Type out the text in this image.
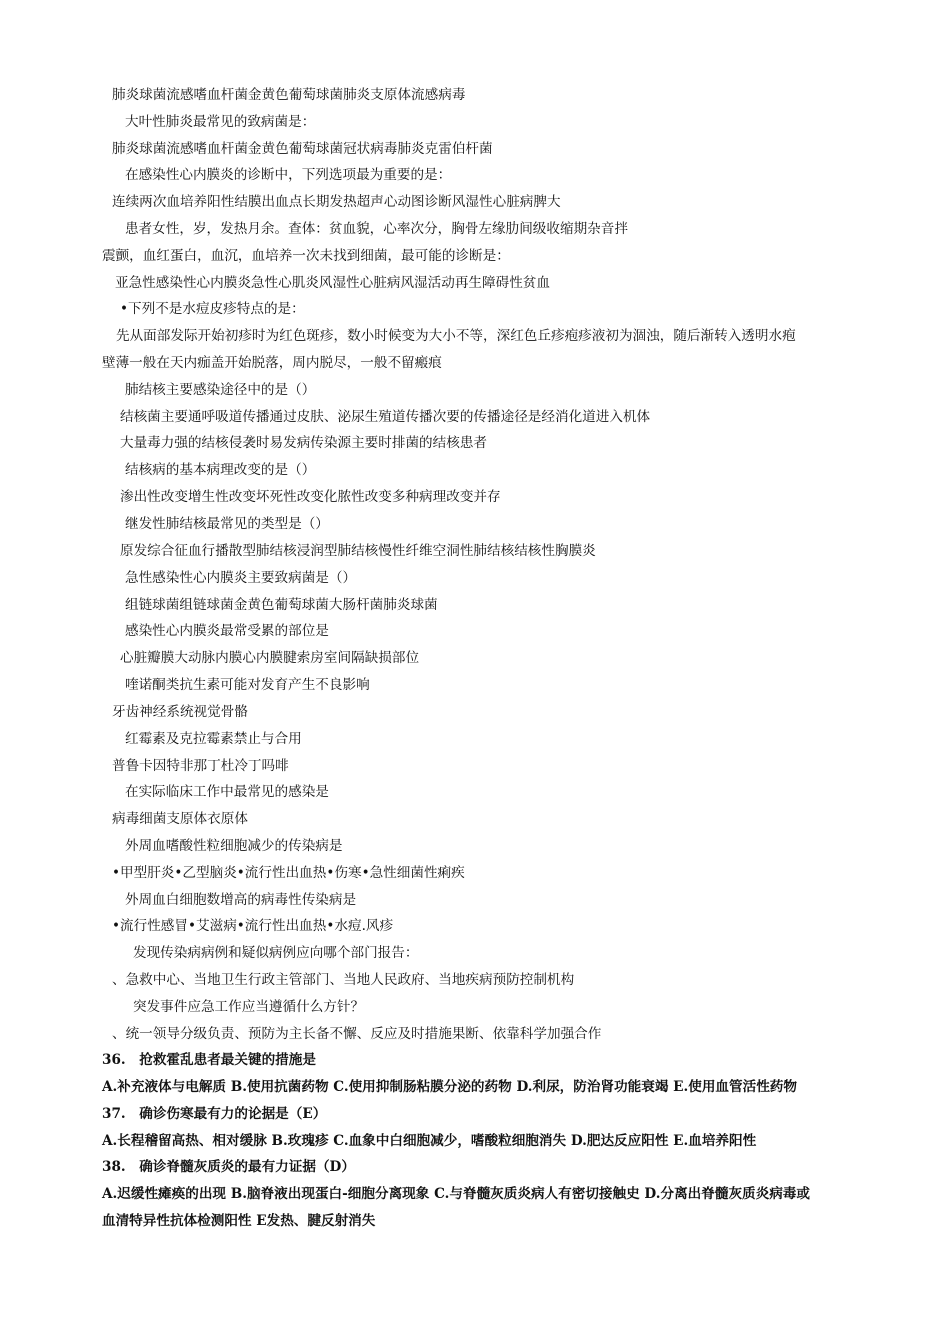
肺炎球菌流感嗜血杆菌金黄色葡萄球菌肺炎支原体流感病毒
大叶性肺炎最常见的致病菌是：
肺炎球菌流感嗜血杆菌金黄色葡萄球菌冠状病毒肺炎克雷伯杆菌
在感染性心内膜炎的诊断中，下列选项最为重要的是：
连续两次血培养阳性结膜出血点长期发热超声心动图诊断风湿性心脏病脾大
患者女性，岁，发热月余。查体：贫血貌，心率次分，胸骨左缘肋间级收缩期杂音拌
震颤，血红蛋白，血沉，血培养一次未找到细菌，最可能的诊断是：
亚急性感染性心内膜炎急性心肌炎风湿性心脏病风湿活动再生障碍性贫血
•下列不是水痘皮疹特点的是：
先从面部发际开始初疹时为红色斑疹，数小时候变为大小不等，深红色丘疹疱疹液初为涸浊，随后渐转入透明水疱
壁薄一般在天内痂盖开始脱落，周内脱尽，一般不留瘢痕
肺结核主要感染途径中的是（）
结核菌主要通呼吸道传播通过皮肤、泌尿生殖道传播次要的传播途径是经消化道进入机体
大量毒力强的结核侵袭时易发病传染源主要时排菌的结核患者
结核病的基本病理改变的是（）
渗出性改变增生性改变坏死性改变化脓性改变多种病理改变并存
继发性肺结核最常见的类型是（）
原发综合征血行播散型肺结核浸润型肺结核慢性纤维空洞性肺结核结核性胸膜炎
急性感染性心内膜炎主要致病菌是（）
组链球菌组链球菌金黄色葡萄球菌大肠杆菌肺炎球菌
感染性心内膜炎最常受累的部位是
心脏瓣膜大动脉内膜心内膜腱索房室间隔缺损部位
喹诺酮类抗生素可能对发育产生不良影响
牙齿神经系统视觉骨骼
红霉素及克拉霉素禁止与合用
普鲁卡因特非那丁杜冷丁吗啡
在实际临床工作中最常见的感染是
病毒细菌支原体衣原体
外周血嗜酸性粒细胞减少的传染病是
•甲型肝炎•乙型脑炎•流行性出血热•伤寒•急性细菌性痢疾
外周血白细胞数增高的病毒性传染病是
•流行性感冒•艾滋病•流行性出血热•水痘.风疹
发现传染病病例和疑似病例应向哪个部门报告：
、急救中心、当地卫生行政主管部门、当地人民政府、当地疾病预防控制机构
突发事件应急工作应当遵循什么方针？
、统一领导分级负责、预防为主长备不懈、反应及时措施果断、依靠科学加强合作
36.　抢救霍乱患者最关键的措施是
A.补充液体与电解质 B.使用抗菌药物 C.使用抑制肠粘膜分泌的药物 D.利尿，防治肾功能衰竭 E.使用血管活性药物
37.　确诊伤寒最有力的论据是（E）
A.长程稽留高热、相对缓脉 B.玫瑰疹 C.血象中白细胞减少，嗜酸粒细胞消失 D.肥达反应阳性 E.血培养阳性
38.　确诊脊髓灰质炎的最有力证据（D）
A.迟缓性瘫痪的出现 B.脑脊液出现蛋白-细胞分离现象 C.与脊髓灰质炎病人有密切接触史 D.分离出脊髓灰质炎病毒或
血清特异性抗体检测阳性 E发热、腱反射消失
